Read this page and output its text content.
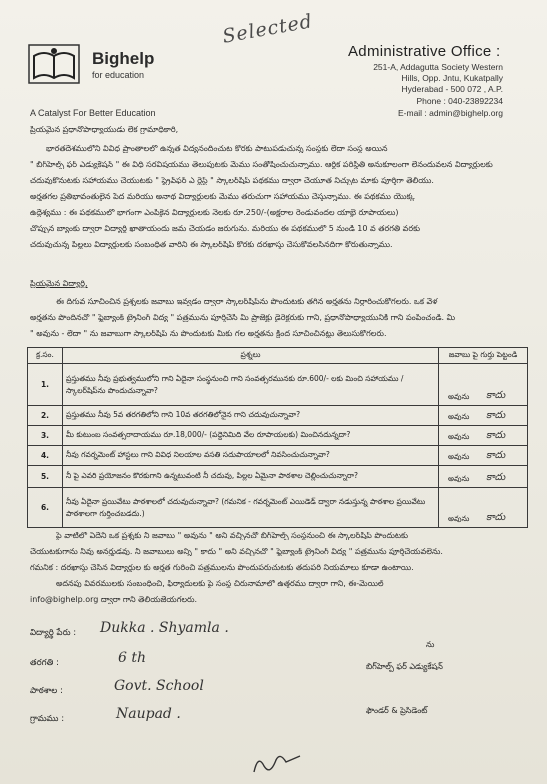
Bighelp
for education
A Catalyst For Better Education
Selected
Administrative Office :
251-A, Addagutta Society Western
Hills, Opp. Jntu, Kukatpally
Hyderabad - 500 072 , A.P.
Phone : 040-23892234
E-mail : admin@bighelp.org
ప్రియమైన ప్రధానోపాధ్యాయుడు లేక గ్రామాధికారి,
భారతదేశములోని వివిధ ప్రాంతాలలో ఉన్నత విద్యనందించుట కొరకు పాటుపడుచున్న సంస్థకు లేదా సంస్థ అయిన
" బిగ్‌హెల్ప్ ఫర్ ఎడ్యుకేషన్ " ఈ విధి సరవిషయము తెలుపుటకు మేము సంతోషించుచున్నాము. ఆర్థిక పరిస్థితి అనుకూలంగా లేనందువలన విద్యార్థులకు
చదువుకొనుటకు సహాయము చేయుటకు " స్ట్రైవ్‌ఫర్ ఎ ర్లెస్ట్ " స్కాలర్‌షిప్ పథకము ద్వారా చేయూత నిచ్చుట మాకు పూర్తిగా తెలియు.
అర్హతగల ప్రతిభావంతులైన పేద మరియు అనాథ విద్యార్థులకు మేము తరుచుగా సహాయము చేస్తున్నాము. ఈ పథకము యొక్క
ఉద్దేశ్యము : ఈ పథకములో భాగంగా ఎంపికైన విద్యార్థులకు నెలకు రూ.250/-(అక్షరాల రెండువందల యాభై రూపాయలు)
చొప్పున బ్యాంకు ద్వారా విద్యార్థి ఖాతాయందు జమ చేయడం జరుగును. మరియు ఈ పథకములో 5 నుండి 10 వ తరగతి వరకు
చదువుచున్న పిల్లలు విద్యార్థులకు సంబంధిత వారిని ఈ స్కాలర్‌షిప్ కొరకు దరఖాస్తు చేసుకోవలసినదిగా కోరుతున్నాము.
ప్రియమైన విద్యార్థి,
ఈ దిగువ సూచించిన ప్రశ్నలకు జవాబు ఇవ్వడం ద్వారా స్కాలర్‌షిప్‌ను పొందుటకు తగిన అర్హతను నిర్ధారించుకోగలరు. ఒక వేళ
అర్హతను పొందినచో " ఫ్లైబ్యాంక్ ట్రైనింగ్ విద్య " పత్రమును పూర్తిచేసి మీ ప్రాజెక్టు డైరెక్టరుకు గాని, ప్రధానోపాధ్యాయునికి గాని పంపించండి. మీ
" అవును - లేదా " ను జవాబుగా స్కాలర్‌షిప్ ను పొందుటకు మీకు గల అర్హతను క్రింద సూచించినట్లు తెలుసుకోగలరు.
క్ర.సం.	ప్రశ్నలు	జవాబు పై గుర్తు పెట్టండి
1.	ప్రస్తుతము నీవు ప్రభుత్వములోని గాని ఏదైనా సంస్థనుంచి గాని సంవత్సరమునకు రూ.600/- లకు మించి సహాయము / స్కాలర్‌షిప్‌ను పొందుచున్నావా?	అవును కాదు

2.	ప్రస్తుతము నీవు 5వ తరగతిలోని గాని 10వ తరగతిలోనైన గాని చదువుచున్నావా?	అవును కాదు

3.	మీ కుటుంబ సంవత్సరాదాయము రూ.18,000/- (పద్దెనిమిది వేల రూపాయలకు) మించినదున్నదా?	అవును కాదు

4.	నీవు గవర్నమెంట్ హాస్టలు గాని వివిధ నిలయాల వసతి సదుపాయాలలో నివసించుచున్నావా?	అవును కాదు

5.	నీ పై ఎవరి ప్రయోజనం కొరకుగాని ఉన్నటువంటి నీ చదువు, పిల్లల ఏమైనా పాఠశాల చెల్లించుచున్నారా?	అవును కాదు

6.	నీవు ఏదైనా ప్రయివేటు పాఠశాలలో చదువుచున్నావా? (గమనిక - గవర్నమెంట్ ఎయిడెడ్ ద్వారా నడుస్తున్న పాఠశాల ప్రయివేటు పాఠశాలగా గుర్తించబడదు.)	అవును కాదు
పై వాటిలో ఏదేని ఒక ప్రశ్నకు నీ జవాబు " అవును " అని వచ్చినచో బిగ్‌హెల్ప్ సంస్థనుంచి ఈ స్కాలర్‌షిప్ పొందుటకు
చేయుటకుగాను నీవు అనర్హుడవు. నీ జవాబులు అన్ని " కాదు " అని వచ్చినచో " ఫ్లైబ్యాంక్ ట్రైనింగ్ విద్య " పత్రమును పూర్తిచేయవలెను.
గమనిక : దరఖాస్తు చేసిన విద్యార్థుల కు అర్హత గురించి పత్రములను పొందుపరుచుటకు తదుపరి నియమాలు కూడా ఉంటాయి.
అదనపు వివరములకు సంబంధించి, ఫిర్యాదులకు పై సంస్థ చిరునామాలో ఉత్తరము ద్వారా గాని, ఈ-మెయిల్
info@bighelp.org ద్వారా గాని తెలియజేయగలరు.
విద్యార్థి పేరు : Dukka . Shyamla .
తరగతి :	6 th
పాఠశాల :	Govt. School
గ్రామము :	Naupad .
ను
బిగ్‌హెల్ప్ ఫర్ ఎడ్యుకేషన్
ఫౌండర్ & ప్రెసిడెంట్
